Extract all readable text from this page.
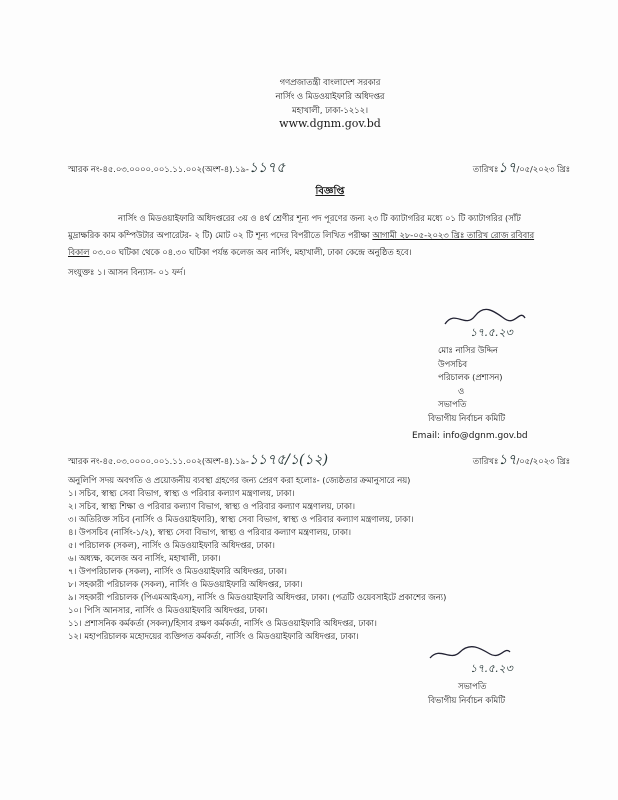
গণপ্রজাতন্ত্রী বাংলাদেশ সরকার
নার্সিং ও মিডওয়াইফারি অধিদপ্তর
মহাখালী, ঢাকা-১২১২।
www.dgnm.gov.bd
স্মারক নং-৪৫.০৩.০০০০.০০১.১১.০০২(অংশ-৪).১৯-১১৭৫	তারিখঃ১৭/০৫/২০২৩ খ্রিঃ
বিজ্ঞপ্তি
নার্সিং ও মিডওয়াইফারি অধিদপ্তরের ৩য় ও ৪র্থ শ্রেণীর শূন্য পদ পূরণের জন্য ২৩ টি ক্যাটাগরির মধ্যে ০১ টি ক্যাটাগরির (সাঁট মুদ্রাক্ষরিক কাম কম্পিউটার অপারেটর- ২ টি) মোট ০২ টি শূন্য পদের বিপরীতে লিখিত পরীক্ষা আগামী ২৮-০৫-২০২৩ খ্রিঃ তারিখ রোজ রবিবার বিকাল ০৩.০০ ঘটিকা থেকে ০৪.৩০ ঘটিকা পর্যন্ত কলেজ অব নার্সিং, মহাখালী, ঢাকা কেন্দ্রে অনুষ্ঠিত হবে।
সংযুক্তঃ ১। আসন বিন্যাস- ০১ ফর্দ।
১৭.৫.২৩
মোঃ নাসির উদ্দিন
উপসচিব
পরিচালক (প্রশাসন)
ও
সভাপতি
বিভাগীয় নির্বাচন কমিটি
Email: info@dgnm.gov.bd
স্মারক নং-৪৫.০৩.০০০০.০০১.১১.০০২(অংশ-৪).১৯-১১৭৫/১(১২)	তারিখঃ১৭/০৫/২০২৩ খ্রিঃ
অনুলিপি সদয় অবগতি ও প্রয়োজনীয় ব্যবস্থা গ্রহণের জন্য প্রেরণ করা হলোঃ- (জ্যেষ্ঠতার ক্রমানুসারে নয়)
১। সচিব, স্বাস্থ্য সেবা বিভাগ, স্বাস্থ্য ও পরিবার কল্যাণ মন্ত্রণালয়, ঢাকা।
২। সচিব, স্বাস্থ্য শিক্ষা ও পরিবার কল্যাণ বিভাগ, স্বাস্থ্য ও পরিবার কল্যাণ মন্ত্রণালয়, ঢাকা।
৩। অতিরিক্ত সচিব (নার্সিং ও মিডওয়াইফারি), স্বাস্থ্য সেবা বিভাগ, স্বাস্থ্য ও পরিবার কল্যাণ মন্ত্রণালয়, ঢাকা।
৪। উপসচিব (নার্সিং-১/২), স্বাস্থ্য সেবা বিভাগ, স্বাস্থ্য ও পরিবার কল্যাণ মন্ত্রণালয়, ঢাকা।
৫। পরিচালক (সকল), নার্সিং ও মিডওয়াইফারি অধিদপ্তর, ঢাকা।
৬। অধ্যক্ষ, কলেজ অব নার্সিং, মহাখালী, ঢাকা।
৭। উপপরিচালক (সকল), নার্সিং ও মিডওয়াইফারি অধিদপ্তর, ঢাকা।
৮। সহকারী পরিচালক (সকল), নার্সিং ও মিডওয়াইফারি অধিদপ্তর, ঢাকা।
৯। সহকারী পরিচালক (পিএমআইএস), নার্সিং ও মিডওয়াইফারি অধিদপ্তর, ঢাকা। (পত্রটি ওয়েবসাইটে প্রকাশের জন্য)
১০। পিসি আনসার, নার্সিং ও মিডওয়াইফারি অধিদপ্তর, ঢাকা।
১১। প্রশাসনিক কর্মকর্তা (সকল)/হিসাব রক্ষণ কর্মকর্তা, নার্সিং ও মিডওয়াইফারি অধিদপ্তর, ঢাকা।
১২। মহাপরিচালক মহোদয়ের ব্যক্তিগত কর্মকর্তা, নার্সিং ও মিডওয়াইফারি অধিদপ্তর, ঢাকা।
১৭.৫.২৩
সভাপতি
বিভাগীয় নির্বাচন কমিটি
